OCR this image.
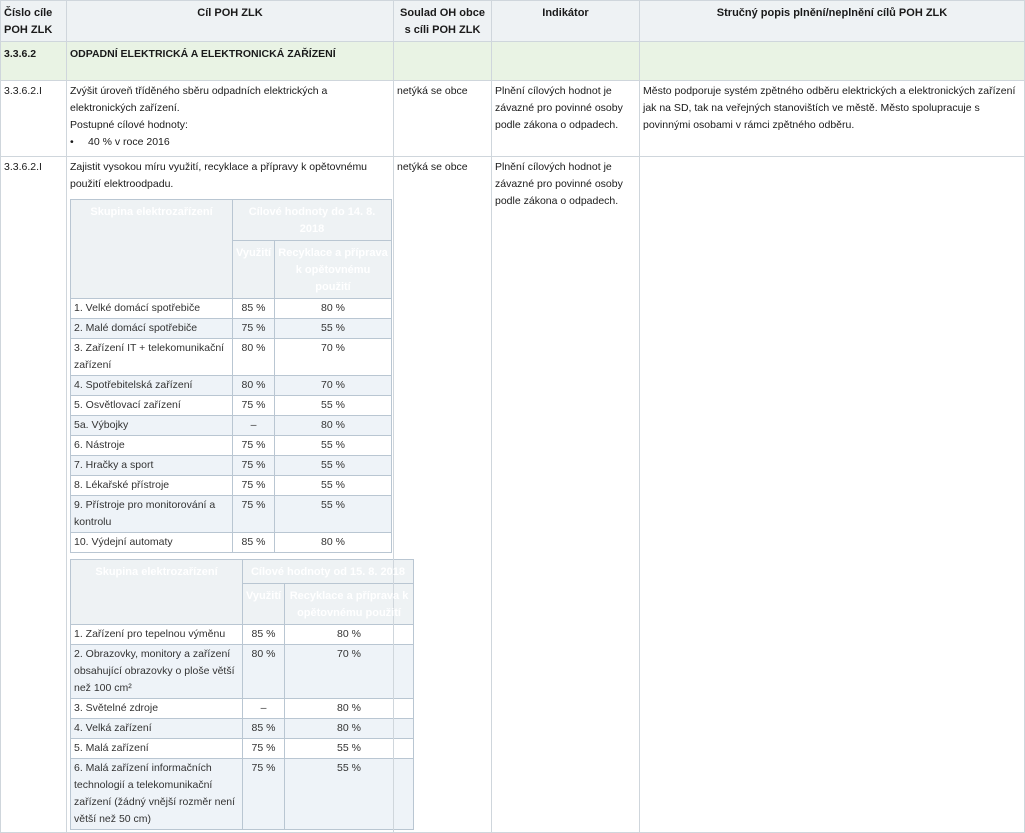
Číslo cíle POH ZLK	Cíl POH ZLK	Soulad OH obce s cíli POH ZLK	Indikátor	Stručný popis plnění/neplnění cílů POH ZLK
3.3.6.2	ODPADNÍ ELEKTRICKÁ A ELEKTRONICKÁ ZAŘÍZENÍ			
3.3.6.2.I	Zvýšit úroveň tříděného sběru odpadních elektrických a elektronických zařízení.
Postupné cílové hodnoty:
• 40 % v roce 2016
	netýká se obce	Plnění cílových hodnot je závazné pro povinné osoby podle zákona o odpadech.	Město podporuje systém zpětného odběru elektrických a elektronických zařízení jak na SD, tak na veřejných stanovištích ve městě. Město spolupracuje s povinnými osobami v rámci zpětného odběru.
3.3.6.2.I	Zajistit vysokou míru využití, recyklace a přípravy k opětovnému použití elektroodpadu.
Skupina elektrozařízení	Cílové hodnoty do 14. 8. 2018
Využití	Recyklace a příprava k opětovnému použití
1. Velké domácí spotřebiče	85 %	80 %
2. Malé domácí spotřebiče	75 %	55 %
3. Zařízení IT + telekomunikační zařízení	80 %	70 %
4. Spotřebitelská zařízení	80 %	70 %
5. Osvětlovací zařízení	75 %	55 %
5a. Výbojky	–	80 %
6. Nástroje	75 %	55 %
7. Hračky a sport	75 %	55 %
8. Lékařské přístroje	75 %	55 %
9. Přístroje pro monitorování a kontrolu	75 %	55 %
10. Výdejní automaty	85 %	80 %
Skupina elektrozařízení	Cílové hodnoty od 15. 8. 2018
Využití	Recyklace a příprava k opětovnému použití
1. Zařízení pro tepelnou výměnu	85 %	80 %
2. Obrazovky, monitory a zařízení obsahující obrazovky o ploše větší než 100 cm²	80 %	70 %
3. Světelné zdroje	–	80 %
4. Velká zařízení	85 %	80 %
5. Malá zařízení	75 %	55 %
6. Malá zařízení informačních technologií a telekomunikační zařízení (žádný vnější rozměr není větší než 50 cm)	75 %	55 %
	netýká se obce	Plnění cílových hodnot je závazné pro povinné osoby podle zákona o odpadech.	
